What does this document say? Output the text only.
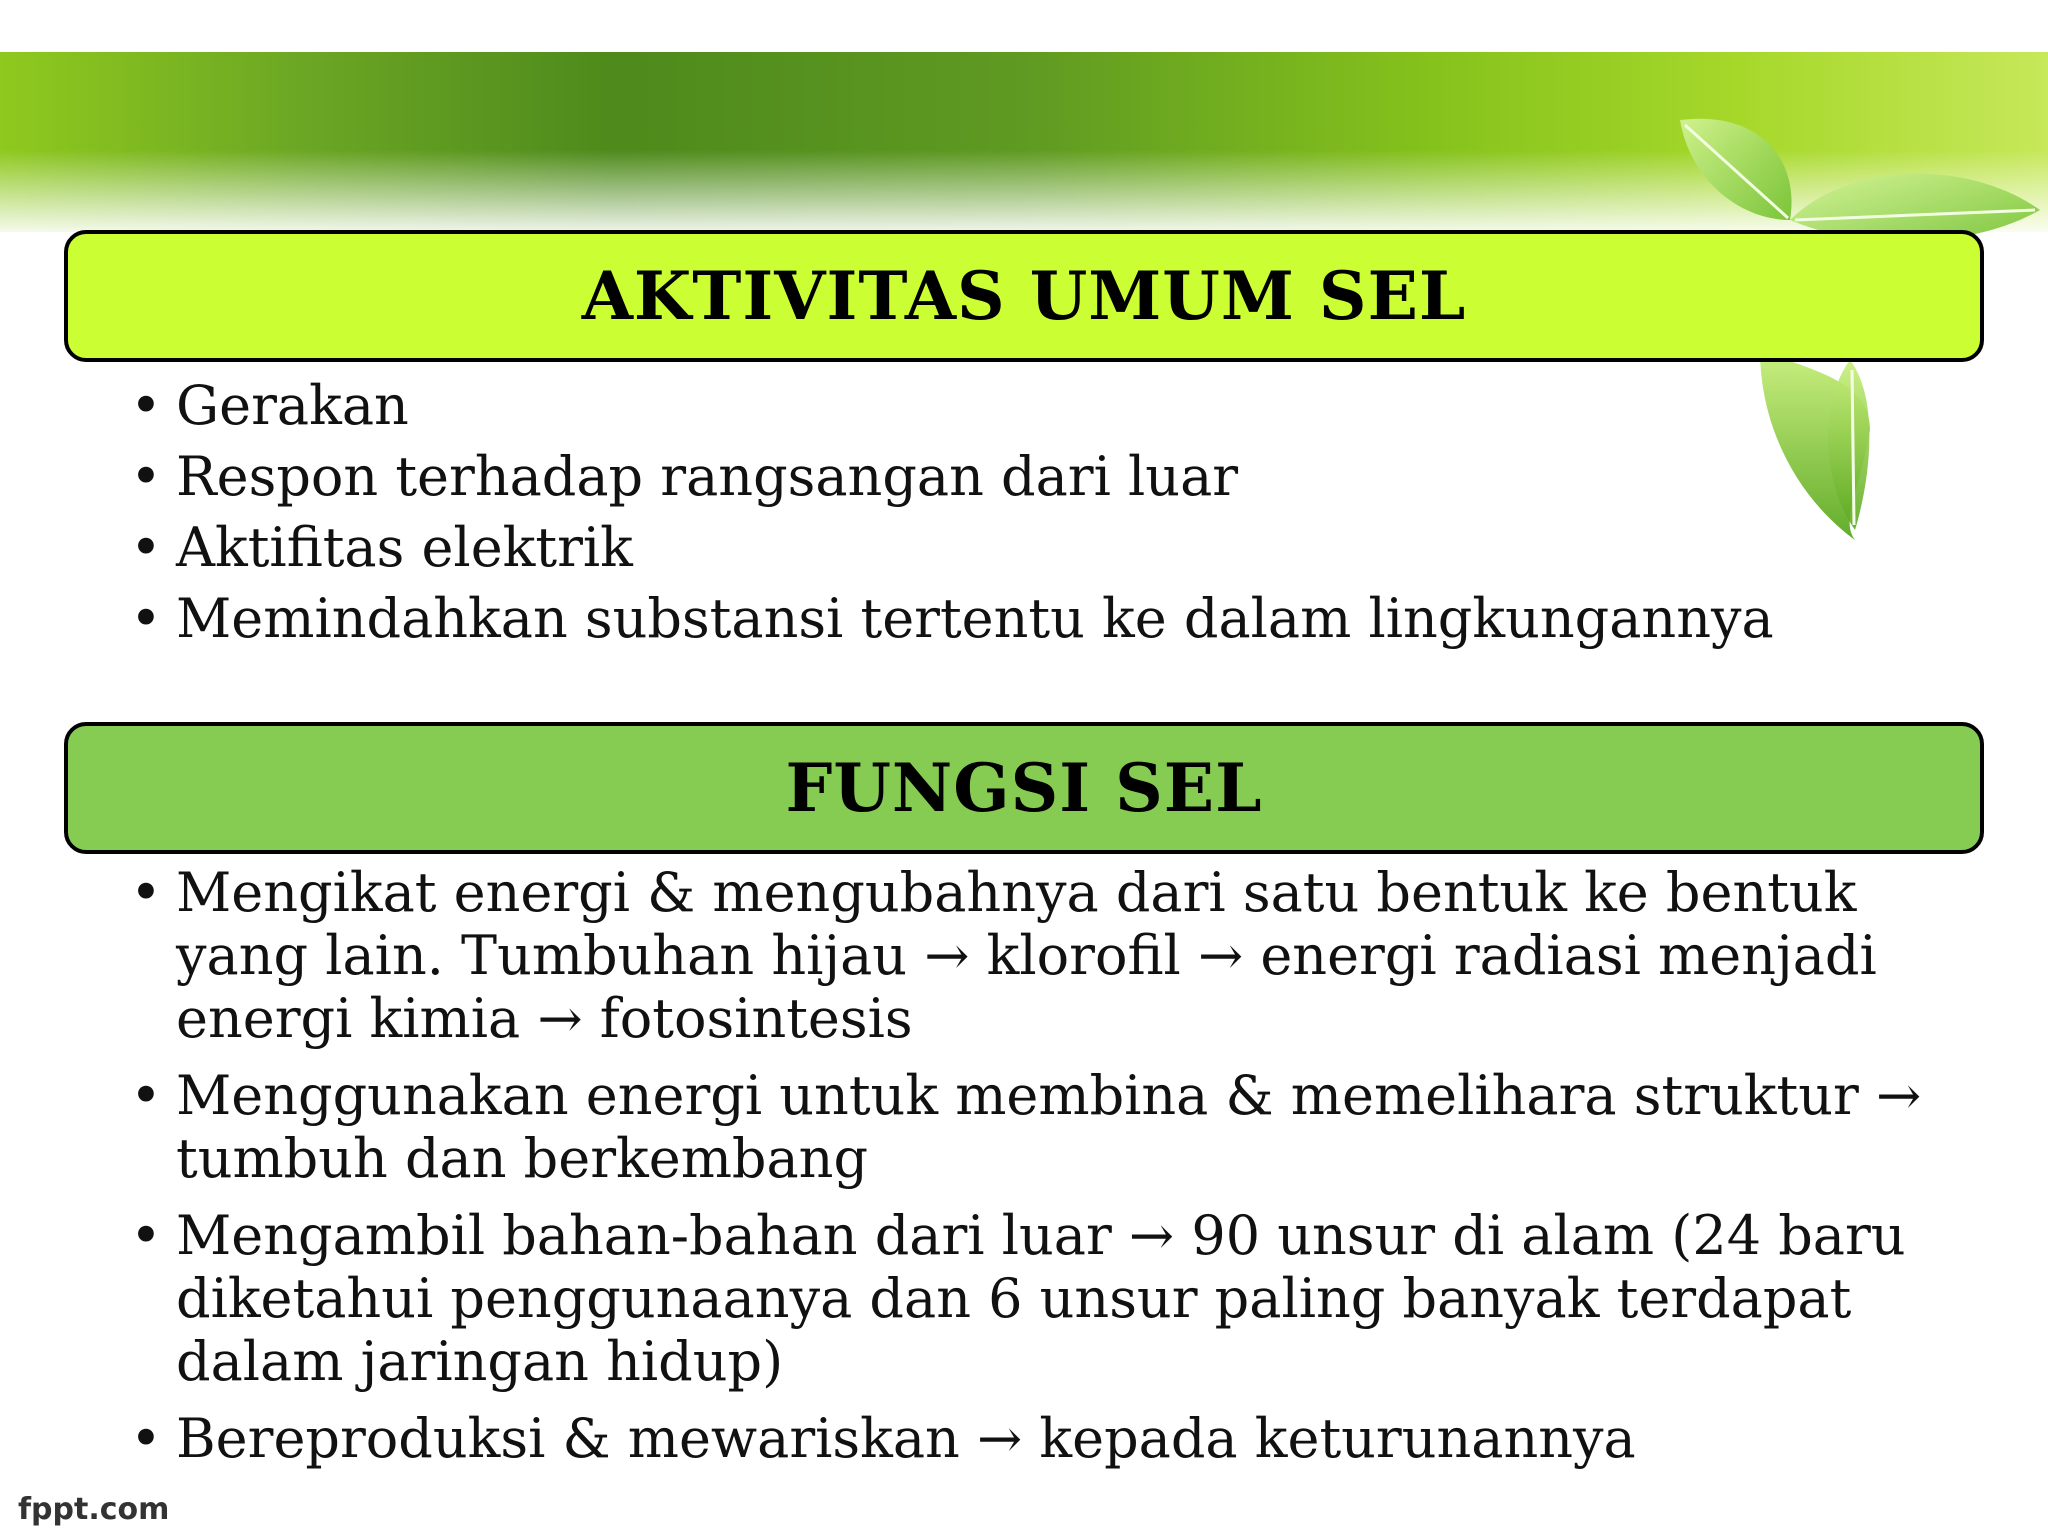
AKTIVITAS UMUM SEL
• Gerakan
• Respon terhadap rangsangan dari luar
• Aktifitas elektrik
• Memindahkan substansi tertentu ke dalam lingkungannya
FUNGSI SEL
• Mengikat energi & mengubahnya dari satu bentuk ke bentuk yang lain. Tumbuhan hijau → klorofil → energi radiasi menjadi energi kimia → fotosintesis
• Menggunakan energi untuk membina & memelihara struktur → tumbuh dan berkembang
• Mengambil bahan-bahan dari luar → 90 unsur di alam (24 baru diketahui penggunaanya dan 6 unsur paling banyak terdapat dalam jaringan hidup)
• Bereproduksi & mewariskan → kepada keturunannya
fppt.com
